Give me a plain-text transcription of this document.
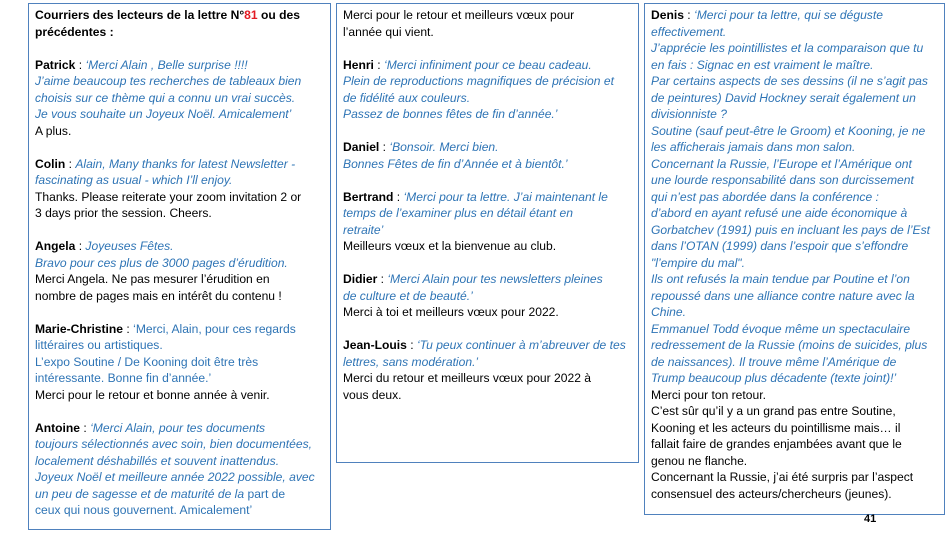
Courriers des lecteurs de la lettre N°81 ou des
précédentes :
Patrick : ‘Merci Alain , Belle surprise !!!!
J’aime beaucoup tes recherches de tableaux bien
choisis sur ce thème qui a connu un vrai succès.
Je vous souhaite un Joyeux Noël. Amicalement’
A plus.
Colin : Alain, Many thanks for latest Newsletter -
fascinating as usual - which I’ll enjoy.
Thanks. Please reiterate your zoom invitation 2 or
3 days prior the session. Cheers.
Angela : Joyeuses Fêtes.
Bravo pour ces plus de 3000 pages d’érudition.
Merci Angela. Ne pas mesurer l’érudition en
nombre de pages mais en intérêt du contenu !
Marie-Christine : ‘Merci, Alain, pour ces regards
littéraires ou artistiques.
L’expo Soutine / De Kooning doit être très
intéressante. Bonne fin d’année.’
Merci pour le retour et bonne année à venir.
Antoine : ‘Merci Alain, pour tes documents
toujours sélectionnés avec soin, bien documentées,
localement déshabillés et souvent inattendus.
Joyeux Noël et meilleure année 2022 possible, avec
un peu de sagesse et de maturité de la part de
ceux qui nous gouvernent. Amicalement’
Merci pour le retour et meilleurs vœux pour
l’année qui vient.
Henri : ‘Merci infiniment pour ce beau cadeau.
Plein de reproductions magnifiques de précision et
de fidélité aux couleurs.
Passez de bonnes fêtes de fin d’année.’
Daniel : ‘Bonsoir. Merci bien.
Bonnes Fêtes de fin d’Année et à bientôt.’
Bertrand : ‘Merci pour ta lettre. J’ai maintenant le
temps de l’examiner plus en détail étant en
retraite’
Meilleurs vœux et la bienvenue au club.
Didier : ‘Merci Alain pour tes newsletters pleines
de culture et de beauté.’
Merci à toi et meilleurs vœux pour 2022.
Jean-Louis : ‘Tu peux continuer à m’abreuver de tes
lettres, sans modération.’
Merci du retour et meilleurs vœux pour 2022 à
vous deux.
Denis : ‘Merci pour ta lettre, qui se déguste
effectivement.
J’apprécie les pointillistes et la comparaison que tu
en fais : Signac en est vraiment le maître.
Par certains aspects de ses dessins (il ne s’agit pas
de peintures) David Hockney serait également un
divisionniste ?
Soutine (sauf peut-être le Groom) et Kooning, je ne
les afficherais jamais dans mon salon.
Concernant la Russie, l’Europe et l’Amérique ont
une lourde responsabilité dans son durcissement
qui n’est pas abordée dans la conférence :
d’abord en ayant refusé une aide économique à
Gorbatchev (1991) puis en incluant les pays de l’Est
dans l’OTAN (1999) dans l’espoir que s’effondre
"l’empire du mal".
Ils ont refusés la main tendue par Poutine et l’on
repoussé dans une alliance contre nature avec la
Chine.
Emmanuel Todd évoque même un spectaculaire
redressement de la Russie (moins de suicides, plus
de naissances). Il trouve même l’Amérique de
Trump beaucoup plus décadente (texte joint)!’
Merci pour ton retour.
C’est sûr qu’il y a un grand pas entre Soutine,
Kooning et les acteurs du pointillisme mais… il
fallait faire de grandes enjambées avant que le
genou ne flanche.
Concernant la Russie, j’ai été surpris par l’aspect
consensuel des acteurs/chercheurs (jeunes).
41
